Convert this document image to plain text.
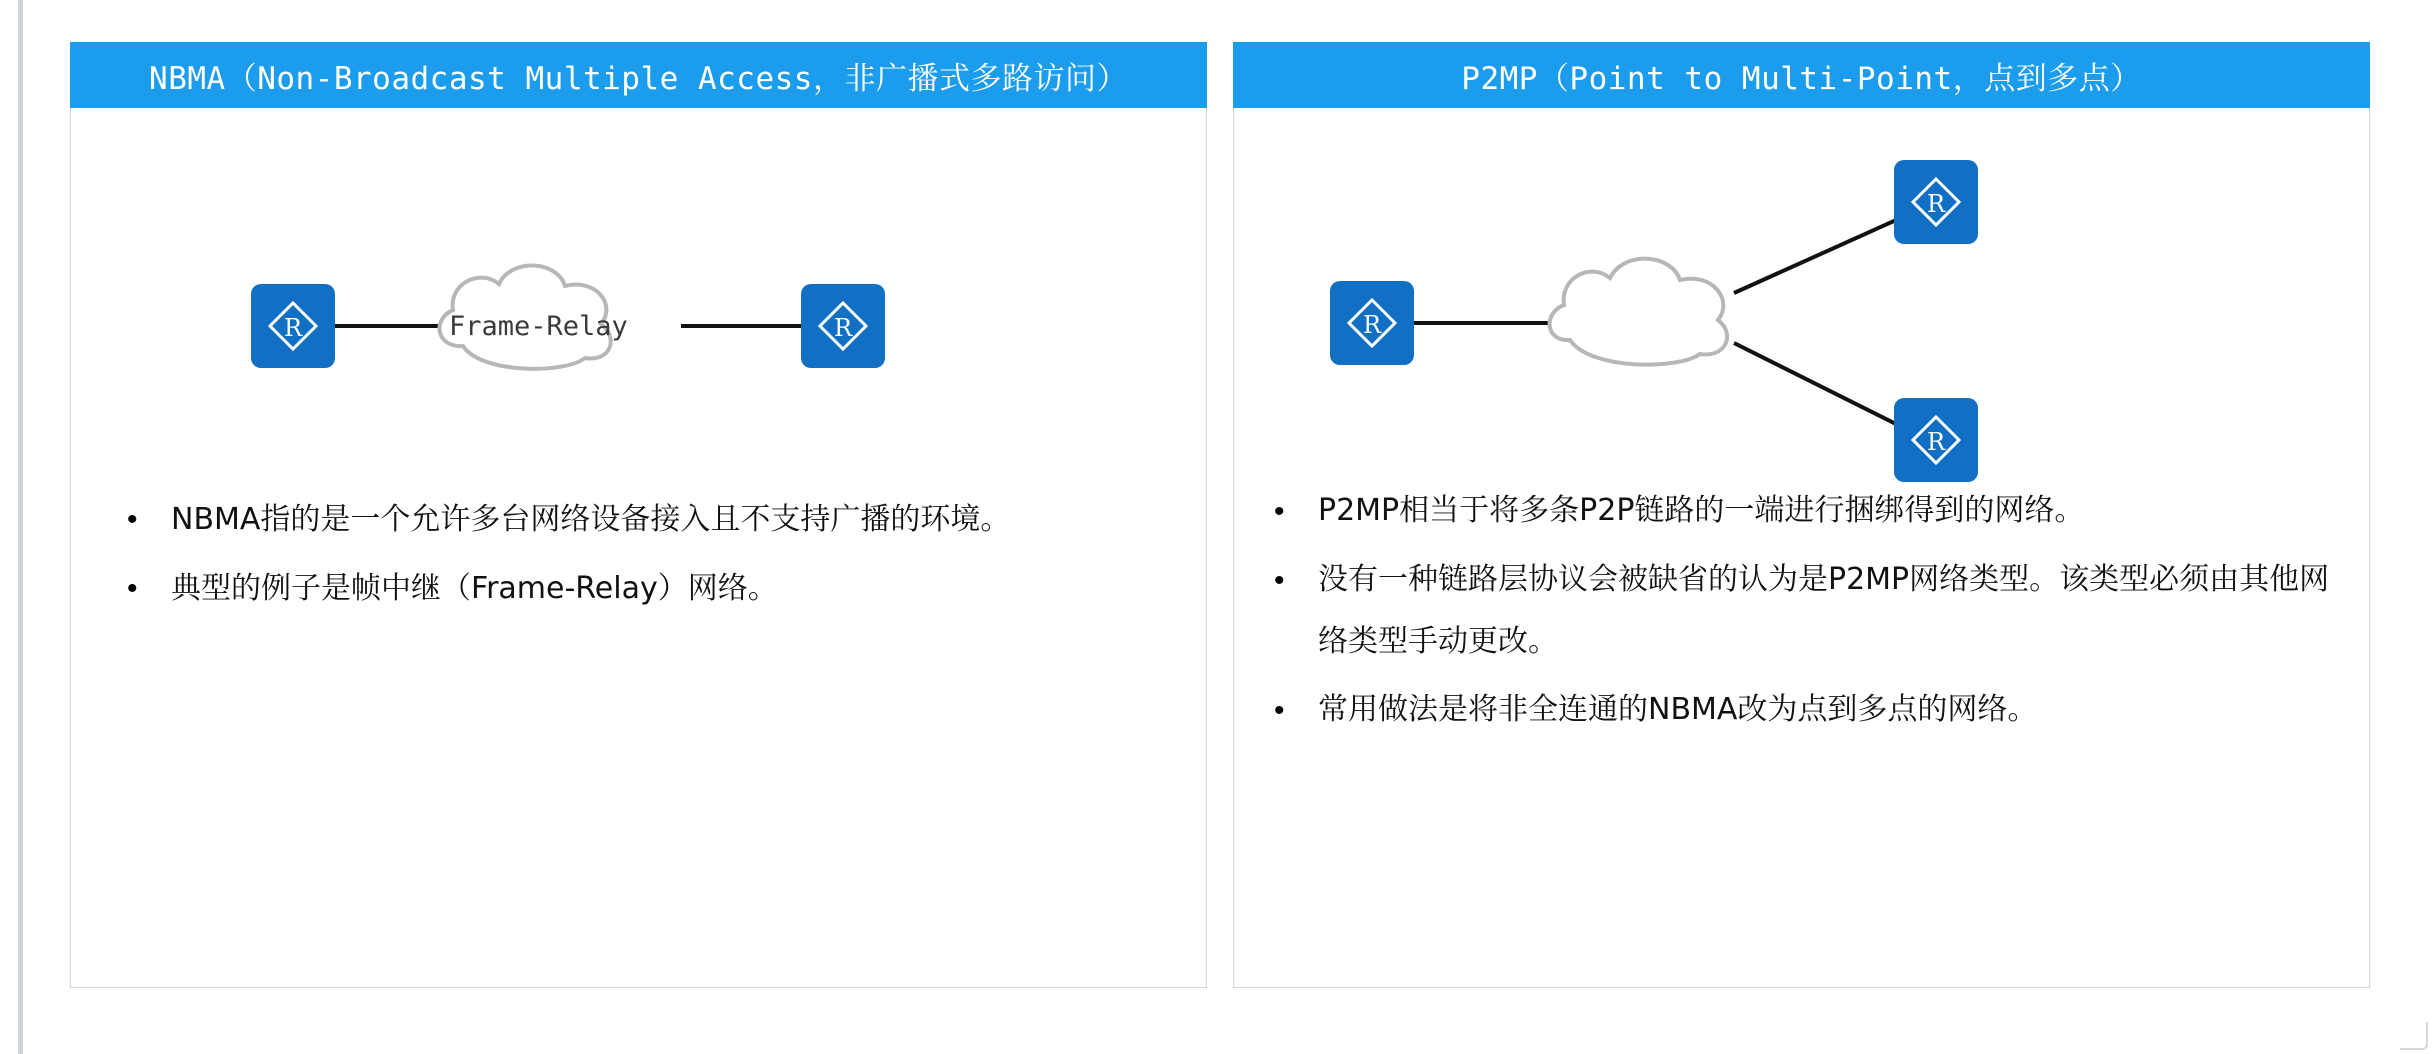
NBMA（Non-Broadcast Multiple Access，非广播式多路访问）
Frame-Relay
R	R
•	NBMA指的是一个允许多台网络设备接入且不支持广播的环境。
•	典型的例子是帧中继（Frame-Relay）网络。
P2MP（Point to Multi-Point，点到多点）
R
R
R
•	P2MP相当于将多条P2P链路的一端进行捆绑得到的网络。
•	没有一种链路层协议会被缺省的认为是P2MP网络类型。该类型必须由其他网络类型手动更改。
•	常用做法是将非全连通的NBMA改为点到多点的网络。
